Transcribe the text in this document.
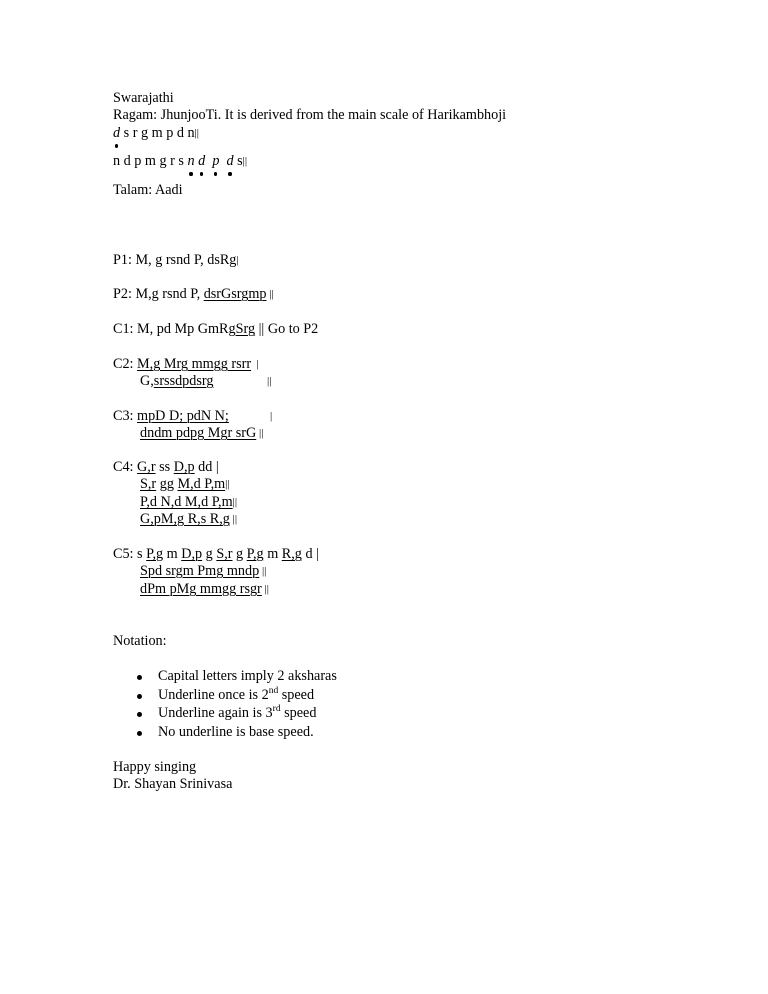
Swarajathi
Ragam: JhunjooTi. It is derived from the main scale of Harikambhoji
d s r g m p d n||
n d p m g r s n d p d s||
Talam: Aadi
P1: M, g rsnd P, dsRg|
P2: M,g rsnd P, dsrGsrgmp ||
C1: M, pd Mp GmRgSrg || Go to P2
C2: M,g Mrg mmgg rsrr  |
G,srssdpdsrg	||
C3: mpD D; pdN N;	|
dndm pdpg Mgr srG ||
C4: G,r ss D,p dd |
S,r gg M,d P,m||
P,d N,d M,d P,m||
G,pM,g R,s R,g ||
C5: s P,g m D,p g S,r g P,g m R,g d |
Spd srgm Pmg mndp ||
dPm pMg mmgg rsgr ||
Notation:
Capital letters imply 2 aksharas
Underline once is 2nd speed
Underline again is 3rd speed
No underline is base speed.
Happy singing
Dr. Shayan Srinivasa
